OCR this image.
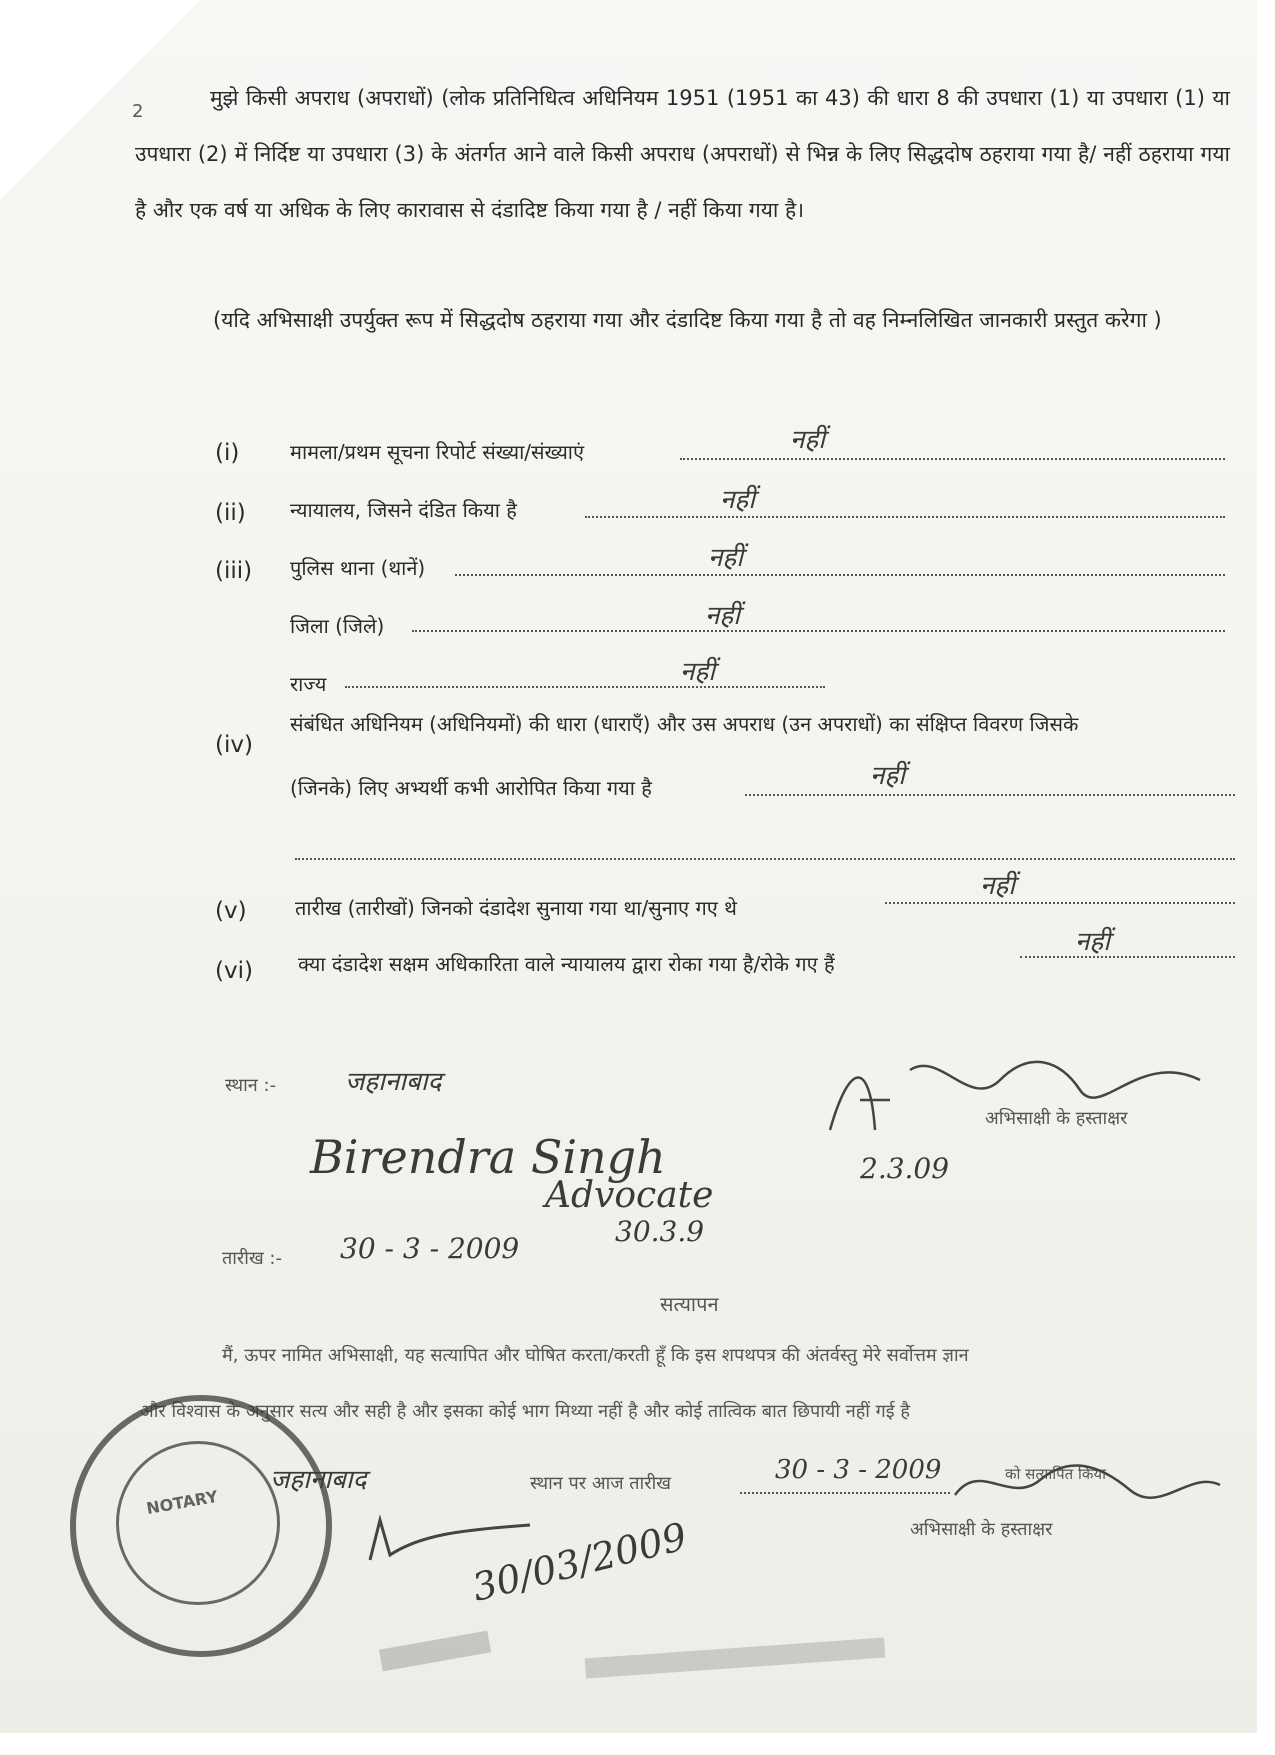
2
मुझे किसी अपराध (अपराधों) (लोक प्रतिनिधित्व अधिनियम 1951 (1951 का 43) की धारा 8 की उपधारा (1) या उपधारा (1) या उपधारा (2) में निर्दिष्ट या उपधारा (3) के अंतर्गत आने वाले किसी अपराध (अपराधों) से भिन्न के लिए सिद्धदोष ठहराया गया है/ नहीं ठहराया गया है और एक वर्ष या अधिक के लिए कारावास से दंडादिष्ट किया गया है / नहीं किया गया है।
(यदि अभिसाक्षी उपर्युक्त रूप में सिद्धदोष ठहराया गया और दंडादिष्ट किया गया है तो वह निम्नलिखित जानकारी प्रस्तुत करेगा )
(i)	मामला/प्रथम सूचना रिपोर्ट संख्या/संख्याएं	नहीं
(ii) न्यायालय, जिसने दंडित किया है	नहीं
(iii) पुलिस थाना (थानें)	नहीं
जिला (जिले)	नहीं
राज्य	नहीं
(iv)
संबंधित अधिनियम (अधिनियमों) की धारा (धाराएँ) और उस अपराध (उन अपराधों) का संक्षिप्त विवरण जिसके
(जिनके) लिए अभ्यर्थी कभी आरोपित किया गया है	नहीं
(v) तारीख (तारीखों) जिनको दंडादेश सुनाया गया था/सुनाए गए थे
नहीं
(vi) क्या दंडादेश सक्षम अधिकारिता वाले न्यायालय द्वारा रोका गया है/रोके गए हैं
नहीं
स्थान :-	जहानाबाद
तारीख :- 30 - 3 - 2009
Birendra Singh
Advocate
30.3.9
2.3.09
अभिसाक्षी के हस्ताक्षर
सत्यापन
मैं, ऊपर नामित अभिसाक्षी, यह सत्यापित और घोषित करता/करती हूँ कि इस शपथपत्र की अंतर्वस्तु मेरे सर्वोत्तम ज्ञान
और विश्वास के अनुसार सत्य और सही है और इसका कोई भाग मिथ्या नहीं है और कोई तात्विक बात छिपायी नहीं गई है
जहानाबाद	स्थान पर आज तारीख	30 - 3 - 2009	को सत्यापित किया
अभिसाक्षी के हस्ताक्षर
NOTARY
30/03/2009
